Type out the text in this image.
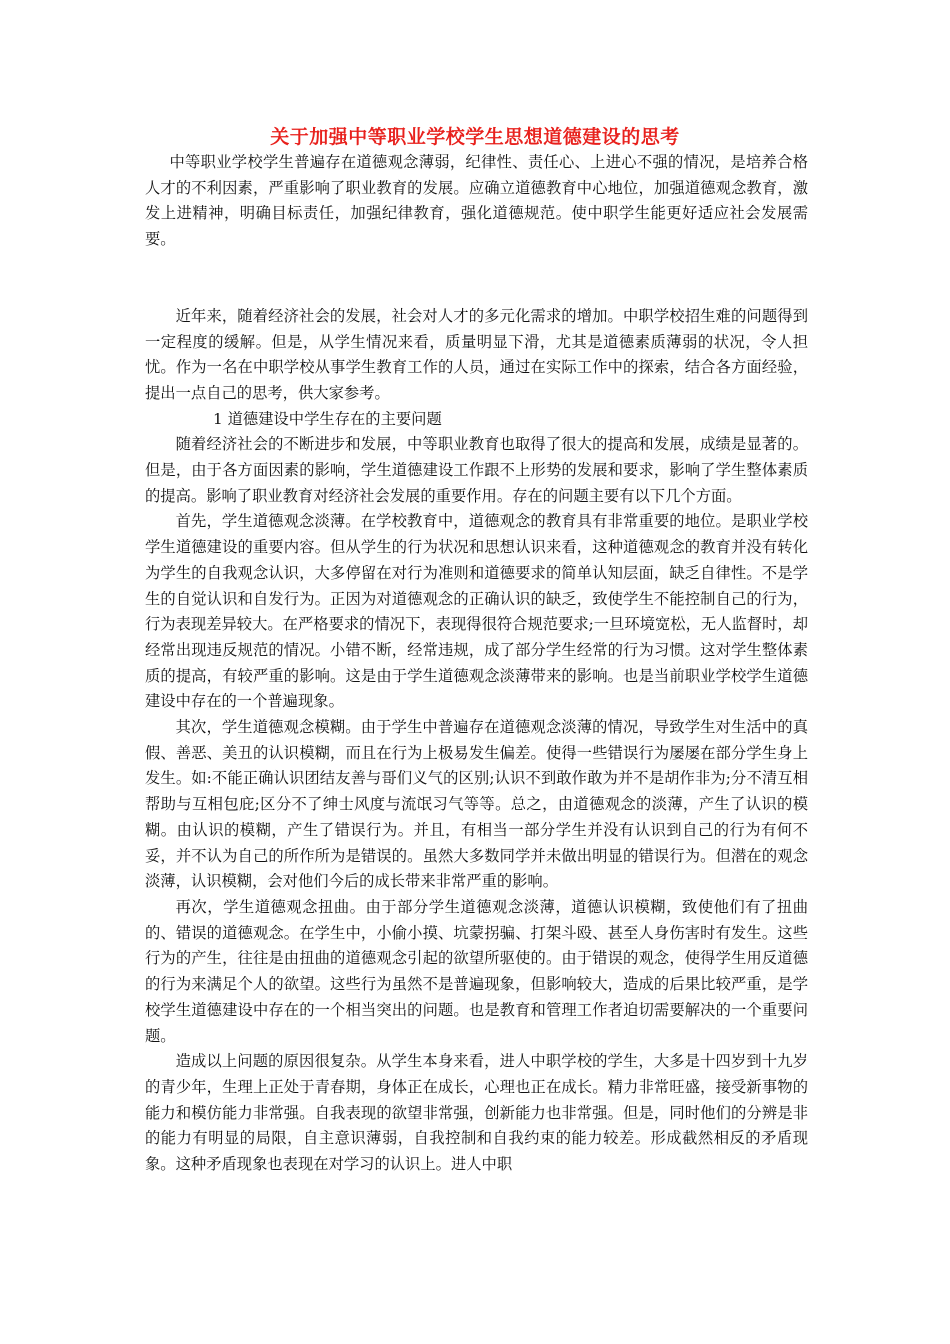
关于加强中等职业学校学生思想道德建设的思考

中等职业学校学生普遍存在道德观念薄弱，纪律性、责任心、上进心不强的情况，是培养合格人才的不利因素，严重影响了职业教育的发展。应确立道德教育中心地位，加强道德观念教育，激发上进精神，明确目标责任，加强纪律教育，强化道德规范。使中职学生能更好适应社会发展需要。

近年来，随着经济社会的发展，社会对人才的多元化需求的增加。中职学校招生难的问题得到一定程度的缓解。但是，从学生情况来看，质量明显下滑，尤其是道德素质薄弱的状况，令人担忧。作为一名在中职学校从事学生教育工作的人员，通过在实际工作中的探索，结合各方面经验，提出一点自己的思考，供大家参考。

1 道德建设中学生存在的主要问题

随着经济社会的不断进步和发展，中等职业教育也取得了很大的提高和发展，成绩是显著的。但是，由于各方面因素的影响，学生道德建设工作跟不上形势的发展和要求，影响了学生整体素质的提高。影响了职业教育对经济社会发展的重要作用。存在的问题主要有以下几个方面。

首先，学生道德观念淡薄。在学校教育中，道德观念的教育具有非常重要的地位。是职业学校学生道德建设的重要内容。但从学生的行为状况和思想认识来看，这种道德观念的教育并没有转化为学生的自我观念认识，大多停留在对行为准则和道德要求的简单认知层面，缺乏自律性。不是学生的自觉认识和自发行为。正因为对道德观念的正确认识的缺乏，致使学生不能控制自己的行为，行为表现差异较大。在严格要求的情况下，表现得很符合规范要求;一旦环境宽松，无人监督时，却经常出现违反规范的情况。小错不断，经常违规，成了部分学生经常的行为习惯。这对学生整体素质的提高，有较严重的影响。这是由于学生道德观念淡薄带来的影响。也是当前职业学校学生道德建设中存在的一个普遍现象。

其次，学生道德观念模糊。由于学生中普遍存在道德观念淡薄的情况，导致学生对生活中的真假、善恶、美丑的认识模糊，而且在行为上极易发生偏差。使得一些错误行为屡屡在部分学生身上发生。如:不能正确认识团结友善与哥们义气的区别;认识不到敢作敢为并不是胡作非为;分不清互相帮助与互相包庇;区分不了绅士风度与流氓习气等等。总之，由道德观念的淡薄，产生了认识的模糊。由认识的模糊，产生了错误行为。并且，有相当一部分学生并没有认识到自己的行为有何不妥，并不认为自己的所作所为是错误的。虽然大多数同学并未做出明显的错误行为。但潜在的观念淡薄，认识模糊，会对他们今后的成长带来非常严重的影响。

再次，学生道德观念扭曲。由于部分学生道德观念淡薄，道德认识模糊，致使他们有了扭曲的、错误的道德观念。在学生中，小偷小摸、坑蒙拐骗、打架斗殴、甚至人身伤害时有发生。这些行为的产生，往往是由扭曲的道德观念引起的欲望所驱使的。由于错误的观念，使得学生用反道德的行为来满足个人的欲望。这些行为虽然不是普遍现象，但影响较大，造成的后果比较严重，是学校学生道德建设中存在的一个相当突出的问题。也是教育和管理工作者迫切需要解决的一个重要问题。

造成以上问题的原因很复杂。从学生本身来看，进人中职学校的学生，大多是十四岁到十九岁的青少年，生理上正处于青春期，身体正在成长，心理也正在成长。精力非常旺盛，接受新事物的能力和模仿能力非常强。自我表现的欲望非常强，创新能力也非常强。但是，同时他们的分辨是非的能力有明显的局限，自主意识薄弱，自我控制和自我约束的能力较差。形成截然相反的矛盾现象。这种矛盾现象也表现在对学习的认识上。进人中职
